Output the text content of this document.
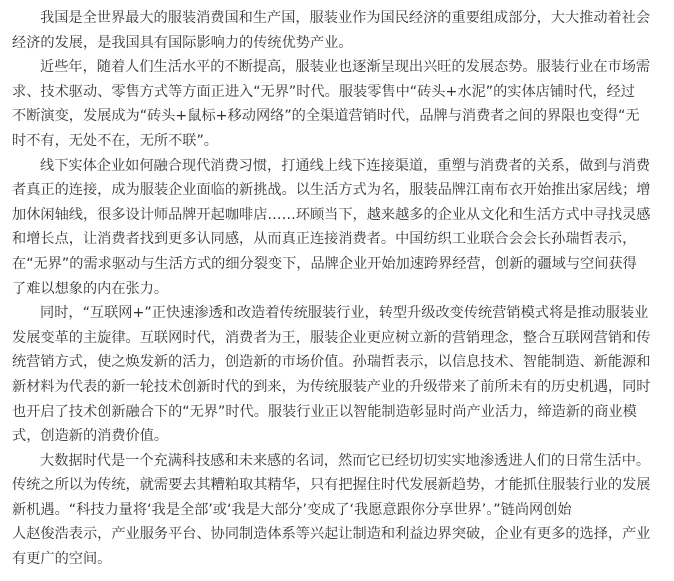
我国是全世界最大的服装消费国和生产国，服装业作为国民经济的重要组成部分，大大推动着社会
经济的发展，是我国具有国际影响力的传统优势产业。
近些年，随着人们生活水平的不断提高，服装业也逐渐呈现出兴旺的发展态势。服装行业在市场需
求、技术驱动、零售方式等方面正进入“无界”时代。服装零售中“砖头+水泥”的实体店铺时代，经过
不断演变，发展成为“砖头+鼠标+移动网络”的全渠道营销时代，品牌与消费者之间的界限也变得“无
时不有，无处不在，无所不联”。
线下实体企业如何融合现代消费习惯，打通线上线下连接渠道，重塑与消费者的关系，做到与消费
者真正的连接，成为服装企业面临的新挑战。以生活方式为名，服装品牌江南布衣开始推出家居线；增
加休闲轴线，很多设计师品牌开起咖啡店……环顾当下，越来越多的企业从文化和生活方式中寻找灵感
和增长点，让消费者找到更多认同感，从而真正连接消费者。中国纺织工业联合会会长孙瑞哲表示，
在“无界”的需求驱动与生活方式的细分裂变下，品牌企业开始加速跨界经营，创新的疆域与空间获得
了难以想象的内在张力。
同时，“互联网+”正快速渗透和改造着传统服装行业，转型升级改变传统营销模式将是推动服装业
发展变革的主旋律。互联网时代，消费者为王，服装企业更应树立新的营销理念，整合互联网营销和传
统营销方式，使之焕发新的活力，创造新的市场价值。孙瑞哲表示，以信息技术、智能制造、新能源和
新材料为代表的新一轮技术创新时代的到来，为传统服装产业的升级带来了前所未有的历史机遇，同时
也开启了技术创新融合下的“无界”时代。服装行业正以智能制造彰显时尚产业活力，缔造新的商业模
式，创造新的消费价值。
大数据时代是一个充满科技感和未来感的名词，然而它已经切切实实地渗透进人们的日常生活中。
传统之所以为传统，就需要去其糟粕取其精华，只有把握住时代发展新趋势，才能抓住服装行业的发展
新机遇。“科技力量将‘我是全部’或‘我是大部分’变成了‘我愿意跟你分享世界’。”链尚网创始
人赵俊浩表示，产业服务平台、协同制造体系等兴起让制造和利益边界突破，企业有更多的选择，产业
有更广的空间。
